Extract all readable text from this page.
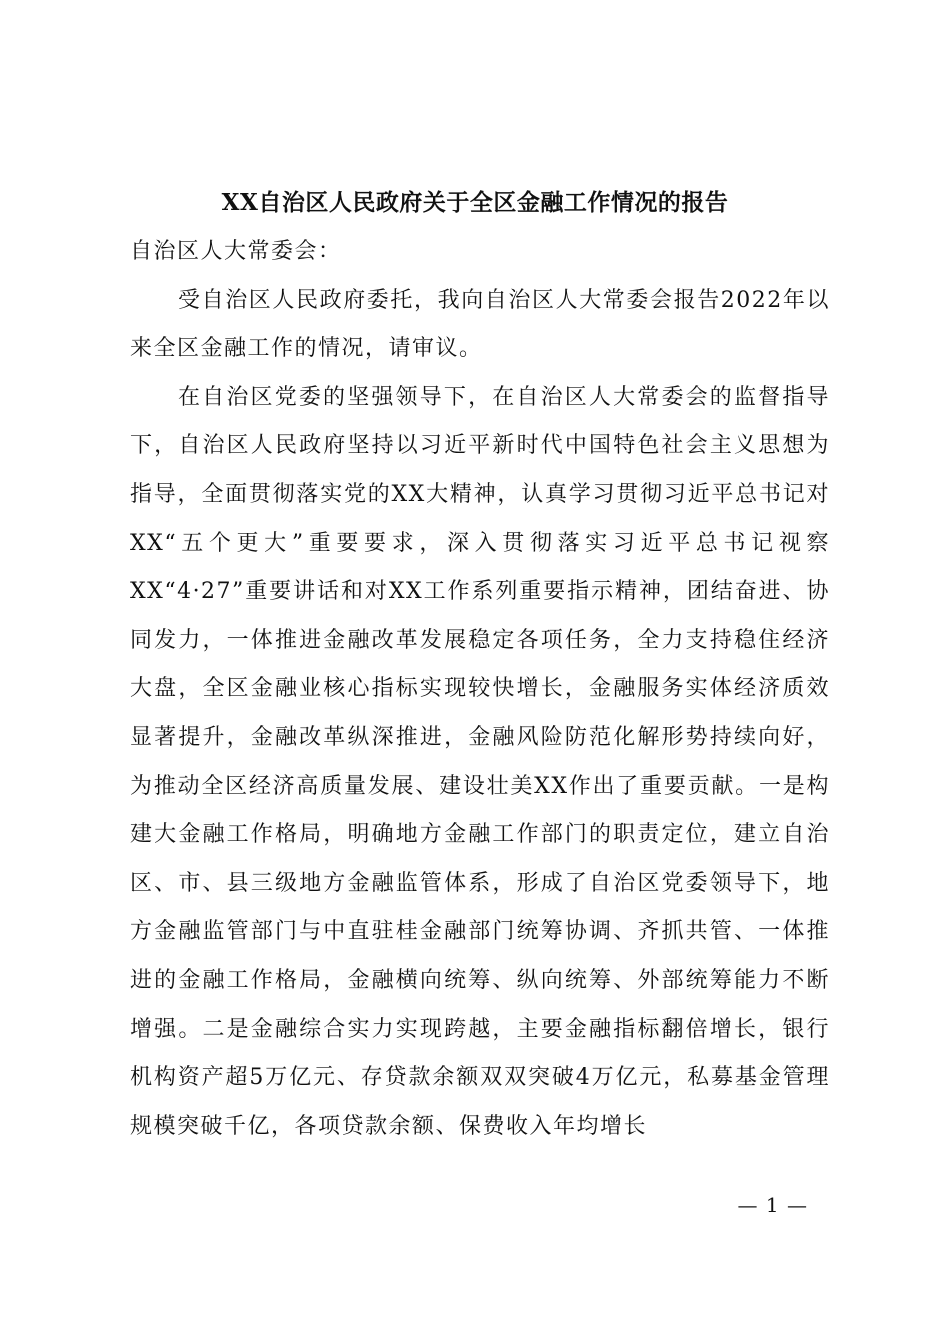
XX自治区人民政府关于全区金融工作情况的报告

自治区人大常委会：

受自治区人民政府委托，我向自治区人大常委会报告2022年以来全区金融工作的情况，请审议。

在自治区党委的坚强领导下，在自治区人大常委会的监督指导下，自治区人民政府坚持以习近平新时代中国特色社会主义思想为指导，全面贯彻落实党的XX大精神，认真学习贯彻习近平总书记对XX“五个更大”重要要求，深入贯彻落实习近平总书记视察XX“4·27”重要讲话和对XX工作系列重要指示精神，团结奋进、协同发力，一体推进金融改革发展稳定各项任务，全力支持稳住经济大盘，全区金融业核心指标实现较快增长，金融服务实体经济质效显著提升，金融改革纵深推进，金融风险防范化解形势持续向好，为推动全区经济高质量发展、建设壮美XX作出了重要贡献。一是构建大金融工作格局，明确地方金融工作部门的职责定位，建立自治区、市、县三级地方金融监管体系，形成了自治区党委领导下，地方金融监管部门与中直驻桂金融部门统筹协调、齐抓共管、一体推进的金融工作格局，金融横向统筹、纵向统筹、外部统筹能力不断增强。二是金融综合实力实现跨越，主要金融指标翻倍增长，银行机构资产超5万亿元、存贷款余额双双突破4万亿元，私募基金管理规模突破千亿，各项贷款余额、保费收入年均增长

— 1 —
